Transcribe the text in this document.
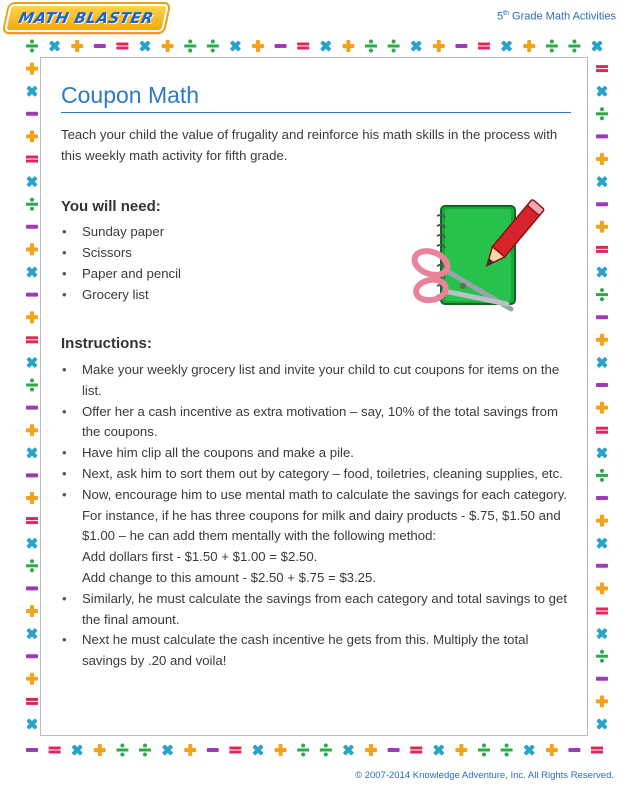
MATH BLASTER	5th Grade Math Activities
Coupon Math
Teach your child the value of frugality and reinforce his math skills in the process with this weekly math activity for fifth grade.
You will need:
• Sunday paper
• Scissors
• Paper and pencil
• Grocery list
Instructions:
• Make your weekly grocery list and invite your child to cut coupons for items on the list.
• Offer her a cash incentive as extra motivation – say, 10% of the total savings from the coupons.
• Have him clip all the coupons and make a pile.
• Next, ask him to sort them out by category – food, toiletries, cleaning supplies, etc.
• Now, encourage him to use mental math to calculate the savings for each category. For instance, if he has three coupons for milk and dairy products - $.75, $1.50 and $1.00 – he can add them mentally with the following method:
Add dollars first - $1.50 + $1.00 = $2.50.
Add change to this amount - $2.50 + $.75 = $3.25.
• Similarly, he must calculate the savings from each category and total savings to get the final amount.
• Next he must calculate the cash incentive he gets from this. Multiply the total savings by .20 and voila!
© 2007-2014 Knowledge Adventure, Inc. All Rights Reserved.
